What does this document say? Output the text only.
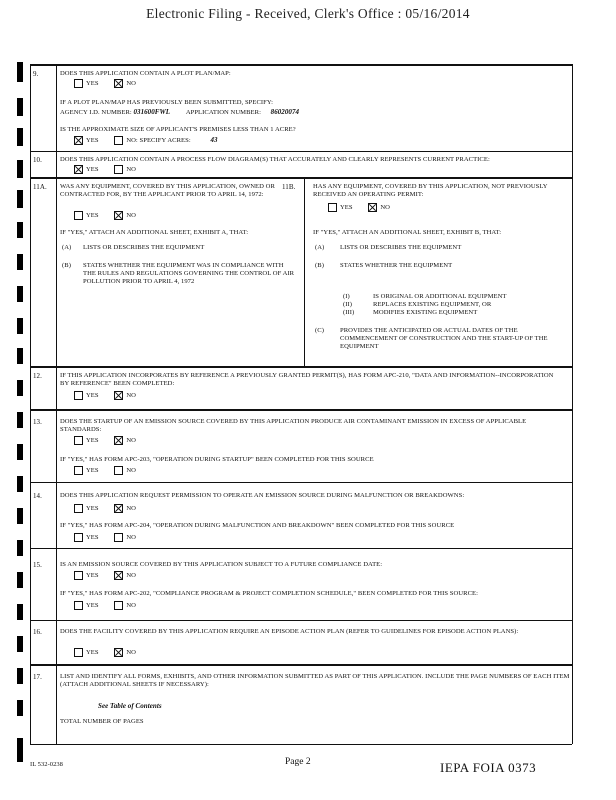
Electronic Filing - Received, Clerk's Office : 05/16/2014
9.	DOES THIS APPLICATION CONTAIN A PLOT PLAN/MAP:
YES	NO
IF A PLOT PLAN/MAP HAS PREVIOUSLY BEEN SUBMITTED, SPECIFY:
AGENCY I.D. NUMBER: 031600FWL APPLICATION NUMBER: 86020074
IS THE APPROXIMATE SIZE OF APPLICANT'S PREMISES LESS THAN 1 ACRE?
YES	NO: SPECIFY ACRES:	43
10.	DOES THIS APPLICATION CONTAIN A PROCESS FLOW DIAGRAM(S) THAT ACCURATELY AND CLEARLY REPRESENTS CURRENT PRACTICE:
YES	NO
11A. WAS ANY EQUIPMENT, COVERED BY THIS APPLICATION, OWNED OR CONTRACTED FOR, BY THE APPLICANT PRIOR TO APRIL 14, 1972:
YES	NO
IF "YES," ATTACH AN ADDITIONAL SHEET, EXHIBIT A, THAT:
(A) LISTS OR DESCRIBES THE EQUIPMENT
(B) STATES WHETHER THE EQUIPMENT WAS IN COMPLIANCE WITH THE RULES AND REGULATIONS GOVERNING THE CONTROL OF AIR POLLUTION PRIOR TO APRIL 4, 1972
11B.	HAS ANY EQUIPMENT, COVERED BY THIS APPLICATION, NOT PREVIOUSLY RECEIVED AN OPERATING PERMIT:
YES	NO
IF "YES," ATTACH AN ADDITIONAL SHEET, EXHIBIT B, THAT:
(A) LISTS OR DESCRIBES THE EQUIPMENT
(B) STATES WHETHER THE EQUIPMENT
(I)	IS ORIGINAL OR ADDITIONAL EQUIPMENT
(II)	REPLACES EXISTING EQUIPMENT, OR
(III)	MODIFIES EXISTING EQUIPMENT
(C) PROVIDES THE ANTICIPATED OR ACTUAL DATES OF THE COMMENCEMENT OF CONSTRUCTION AND THE START-UP OF THE EQUIPMENT
12.	IF THIS APPLICATION INCORPORATES BY REFERENCE A PREVIOUSLY GRANTED PERMIT(S), HAS FORM APC-210, "DATA AND INFORMATION--INCORPORATION BY REFERENCE" BEEN COMPLETED:
YES	NO
13.	DOES THE STARTUP OF AN EMISSION SOURCE COVERED BY THIS APPLICATION PRODUCE AIR CONTAMINANT EMISSION IN EXCESS OF APPLICABLE STANDARDS:
YES	NO
IF "YES," HAS FORM APC-203, "OPERATION DURING STARTUP" BEEN COMPLETED FOR THIS SOURCE
YES	NO
14.	DOES THIS APPLICATION REQUEST PERMISSION TO OPERATE AN EMISSION SOURCE DURING MALFUNCTION OR BREAKDOWNS:
YES	NO
IF "YES," HAS FORM APC-204, "OPERATION DURING MALFUNCTION AND BREAKDOWN" BEEN COMPLETED FOR THIS SOURCE
YES	NO
15.	IS AN EMISSION SOURCE COVERED BY THIS APPLICATION SUBJECT TO A FUTURE COMPLIANCE DATE:
YES	NO
IF "YES," HAS FORM APC-202, "COMPLIANCE PROGRAM & PROJECT COMPLETION SCHEDULE," BEEN COMPLETED FOR THIS SOURCE:
YES	NO
16.	DOES THE FACILITY COVERED BY THIS APPLICATION REQUIRE AN EPISODE ACTION PLAN (REFER TO GUIDELINES FOR EPISODE ACTION PLANS):
YES	NO
17.	LIST AND IDENTIFY ALL FORMS, EXHIBITS, AND OTHER INFORMATION SUBMITTED AS PART OF THIS APPLICATION. INCLUDE THE PAGE NUMBERS OF EACH ITEM (ATTACH ADDITIONAL SHEETS IF NECESSARY):
See Table of Contents
TOTAL NUMBER OF PAGES
IL 532-0238	Page 2	IEPA FOIA 0373
